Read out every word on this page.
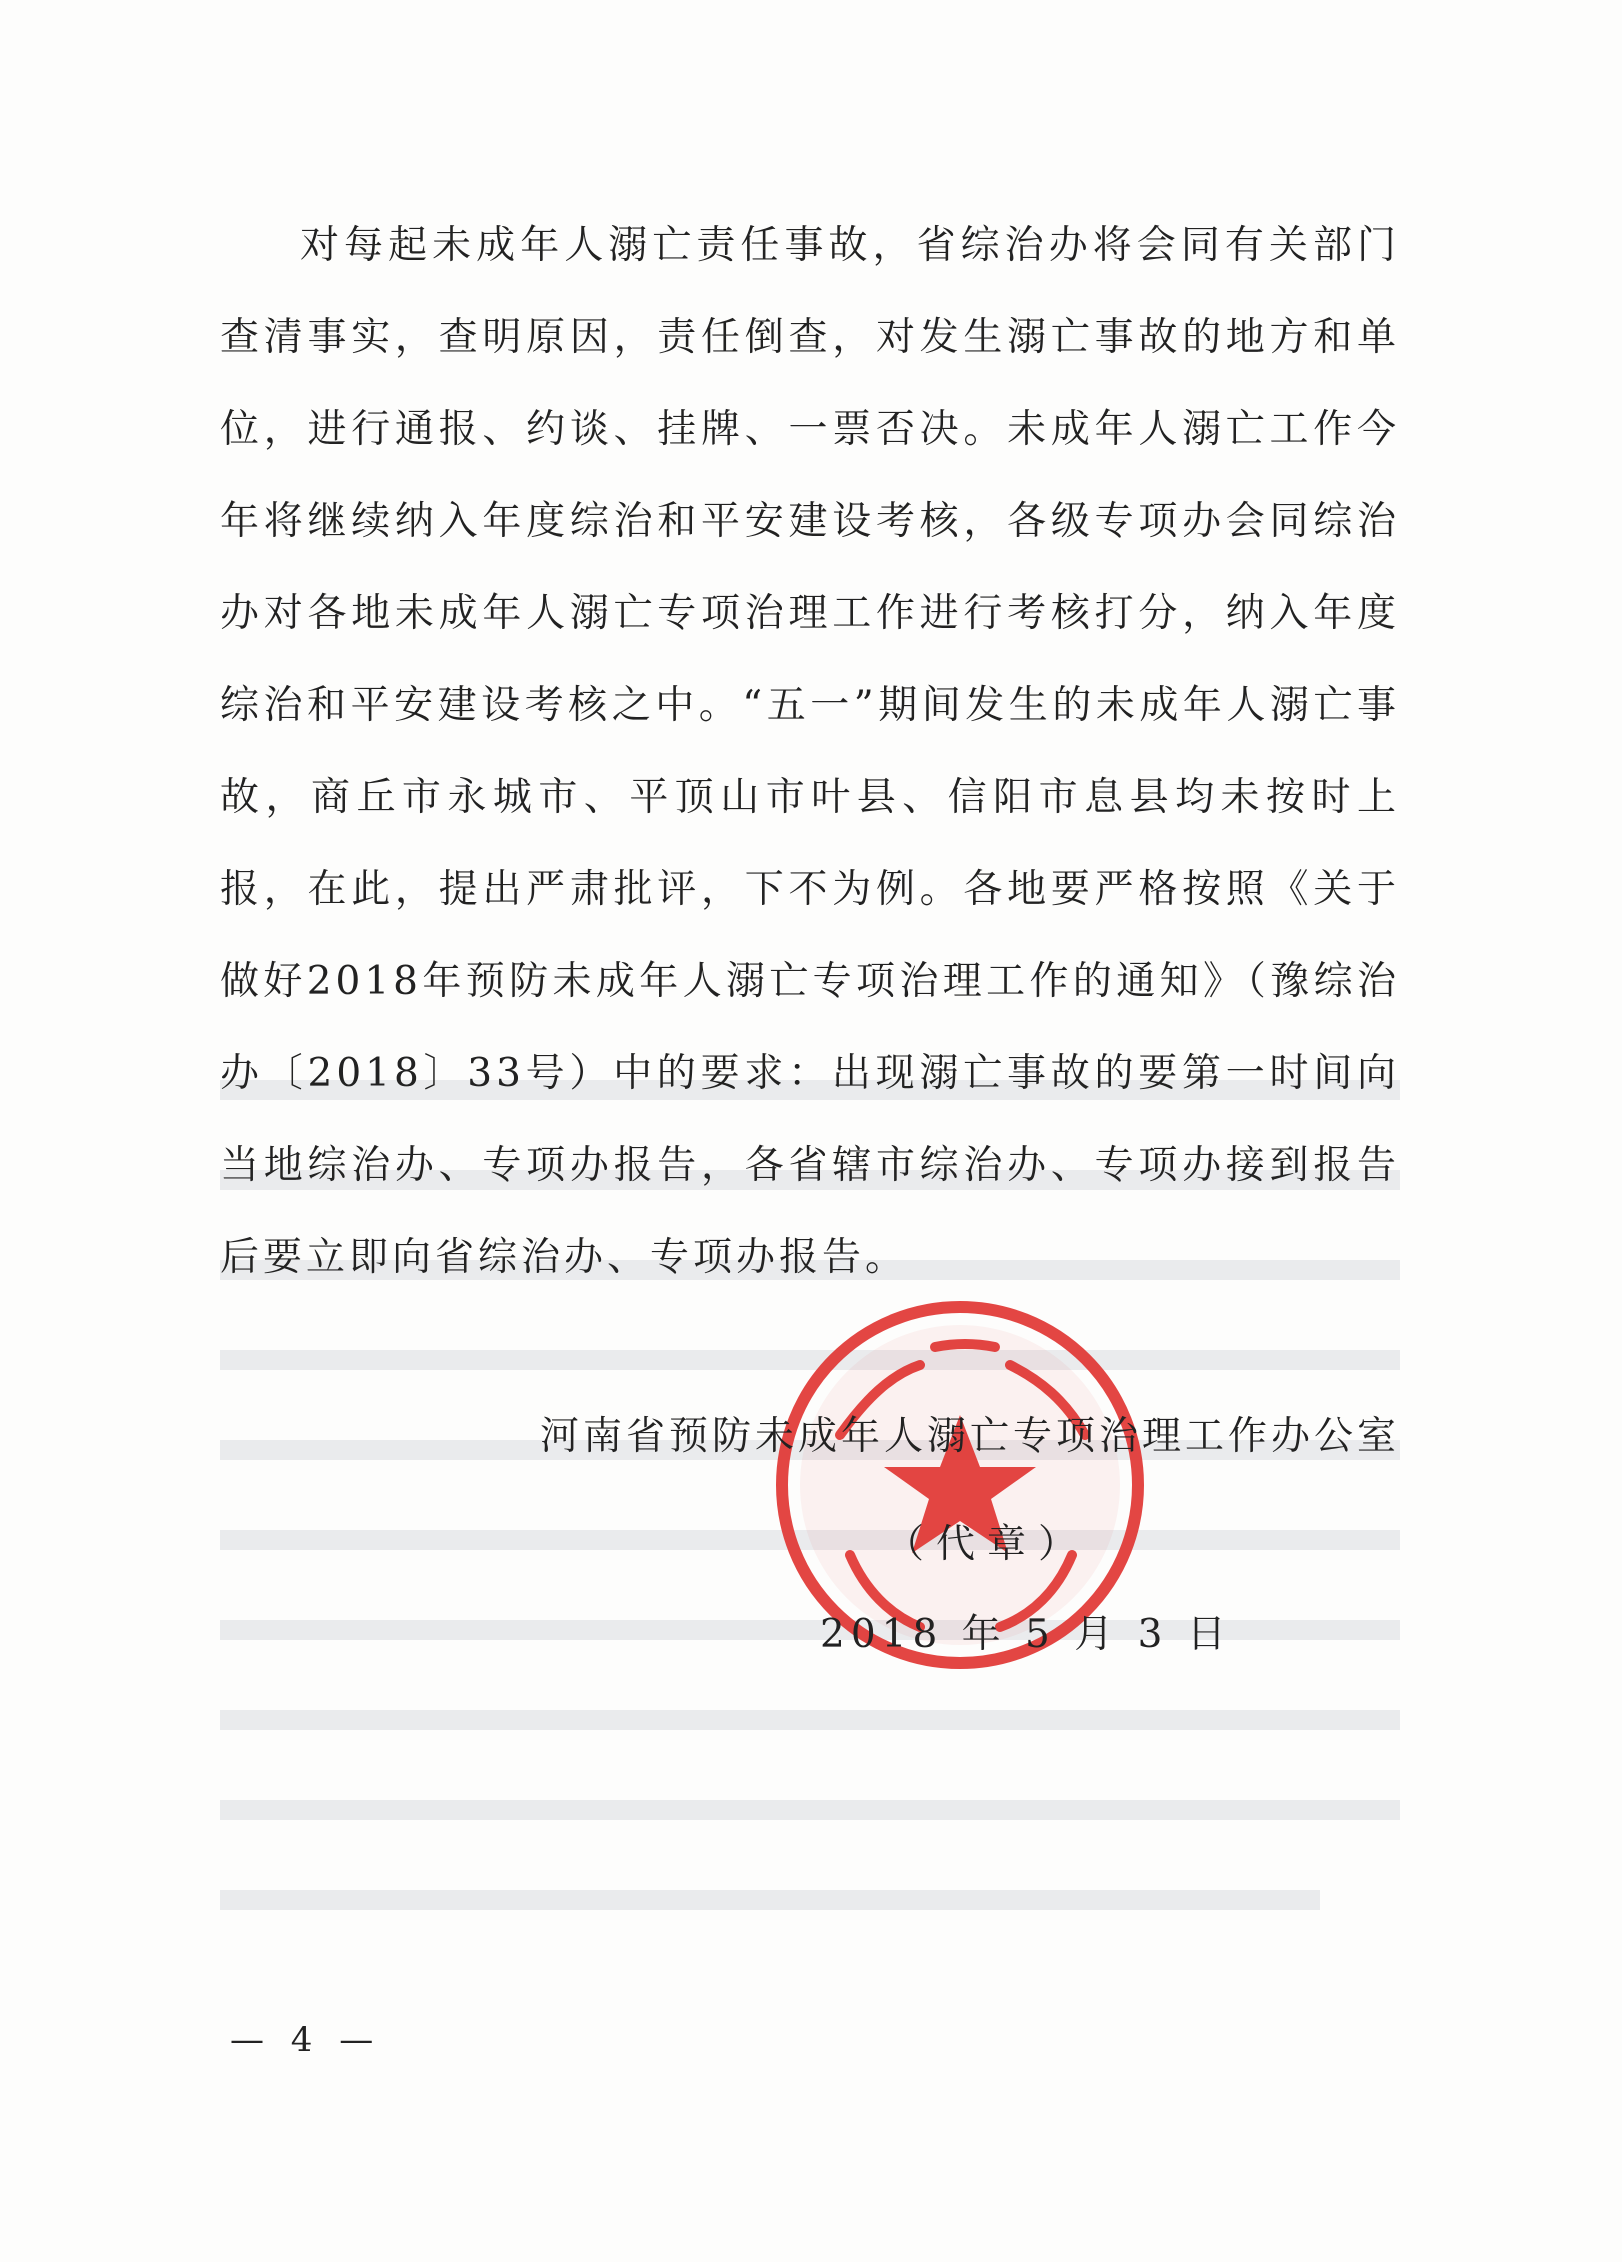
对每起未成年人溺亡责任事故，省综治办将会同有关部门查清事实，查明原因，责任倒查，对发生溺亡事故的地方和单位，进行通报、约谈、挂牌、一票否决。未成年人溺亡工作今年将继续纳入年度综治和平安建设考核，各级专项办会同综治办对各地未成年人溺亡专项治理工作进行考核打分，纳入年度综治和平安建设考核之中。“五一”期间发生的未成年人溺亡事故，商丘市永城市、平顶山市叶县、信阳市息县均未按时上报，在此，提出严肃批评，下不为例。各地要严格按照《关于做好2018年预防未成年人溺亡专项治理工作的通知》（豫综治办〔2018〕33号）中的要求：出现溺亡事故的要第一时间向当地综治办、专项办报告，各省辖市综治办、专项办接到报告后要立即向省综治办、专项办报告。
河南省预防未成年人溺亡专项治理工作办公室
（代章）
2018 年 5 月 3 日
— 4 —
